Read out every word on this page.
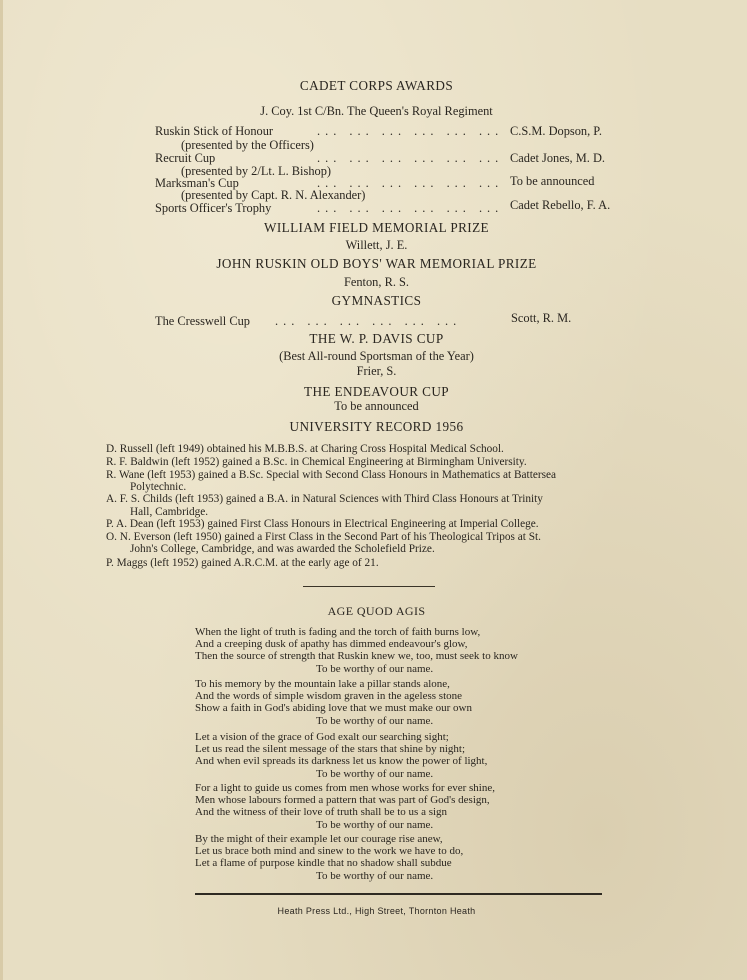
CADET CORPS AWARDS
J. Coy. 1st C/Bn. The Queen's Royal Regiment
Ruskin Stick of Honour	... ... ... ... ... ... C.S.M. Dopson, P.
(presented by the Officers)
Recruit Cup	... ... ... ... ... ... Cadet Jones, M. D.
(presented by 2/Lt. L. Bishop)
Marksman's Cup	... ... ... ... ... ... To be announced
(presented by Capt. R. N. Alexander)
Sports Officer's Trophy	... ... ... ... ... ... Cadet Rebello, F. A.
WILLIAM FIELD MEMORIAL PRIZE
Willett, J. E.
JOHN RUSKIN OLD BOYS' WAR MEMORIAL PRIZE
Fenton, R. S.
GYMNASTICS
The Cresswell Cup ... ... ... ... ... ...	Scott, R. M.
THE W. P. DAVIS CUP
(Best All-round Sportsman of the Year)
Frier, S.
THE ENDEAVOUR CUP
To be announced
UNIVERSITY RECORD 1956
D. Russell (left 1949) obtained his M.B.B.S. at Charing Cross Hospital Medical School.
R. F. Baldwin (left 1952) gained a B.Sc. in Chemical Engineering at Birmingham University.
R. Wane (left 1953) gained a B.Sc. Special with Second Class Honours in Mathematics at Battersea
Polytechnic.
A. F. S. Childs (left 1953) gained a B.A. in Natural Sciences with Third Class Honours at Trinity
Hall, Cambridge.
P. A. Dean (left 1953) gained First Class Honours in Electrical Engineering at Imperial College.
O. N. Everson (left 1950) gained a First Class in the Second Part of his Theological Tripos at St.
John's College, Cambridge, and was awarded the Scholefield Prize.
P. Maggs (left 1952) gained A.R.C.M. at the early age of 21.
AGE QUOD AGIS
When the light of truth is fading and the torch of faith burns low,
And a creeping dusk of apathy has dimmed endeavour's glow,
Then the source of strength that Ruskin knew we, too, must seek to know
To be worthy of our name.
To his memory by the mountain lake a pillar stands alone,
And the words of simple wisdom graven in the ageless stone
Show a faith in God's abiding love that we must make our own
To be worthy of our name.
Let a vision of the grace of God exalt our searching sight;
Let us read the silent message of the stars that shine by night;
And when evil spreads its darkness let us know the power of light,
To be worthy of our name.
For a light to guide us comes from men whose works for ever shine,
Men whose labours formed a pattern that was part of God's design,
And the witness of their love of truth shall be to us a sign
To be worthy of our name.
By the might of their example let our courage rise anew,
Let us brace both mind and sinew to the work we have to do,
Let a flame of purpose kindle that no shadow shall subdue
To be worthy of our name.
Heath Press Ltd., High Street, Thornton Heath
